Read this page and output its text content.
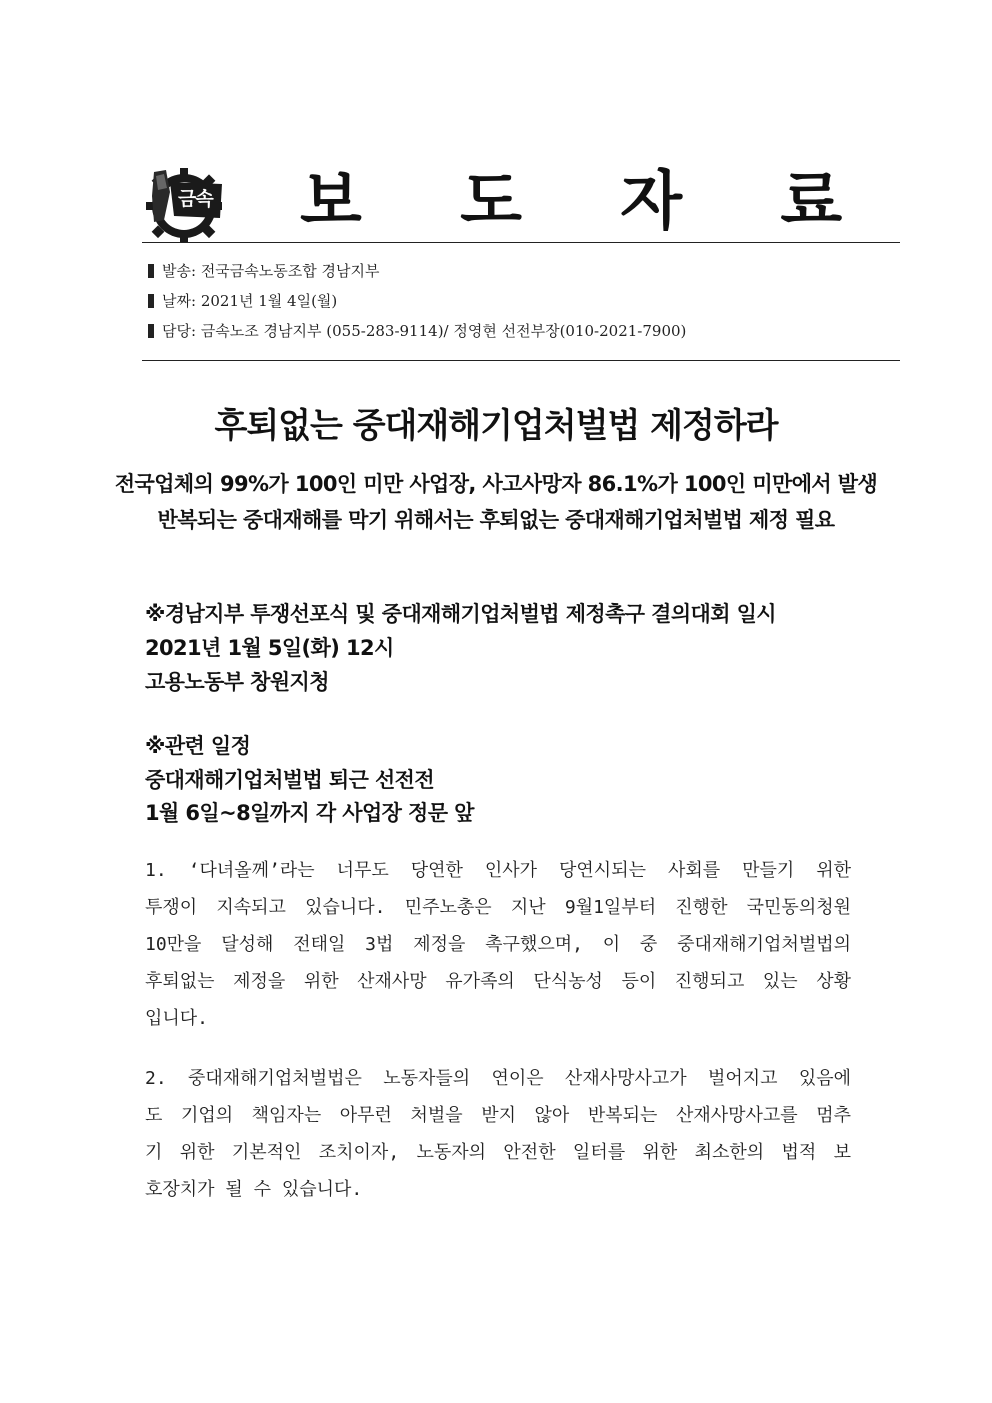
금속 보 도 자 료
발송: 전국금속노동조합 경남지부
날짜: 2021년 1월 4일(월)
담당: 금속노조 경남지부 (055-283-9114)/ 정영현 선전부장(010-2021-7900)
후퇴없는 중대재해기업처벌법 제정하라
전국업체의 99%가 100인 미만 사업장, 사고사망자 86.1%가 100인 미만에서 발생
반복되는 중대재해를 막기 위해서는 후퇴없는 중대재해기업처벌법 제정 필요
※경남지부 투쟁선포식 및 중대재해기업처벌법 제정촉구 결의대회 일시
2021년 1월 5일(화) 12시
고용노동부 창원지청
※관련 일정
중대재해기업처벌법 퇴근 선전전
1월 6일~8일까지 각 사업장 정문 앞
1. ‘다녀올께’라는 너무도 당연한 인사가 당연시되는 사회를 만들기 위한
투쟁이 지속되고 있습니다. 민주노총은 지난 9월1일부터 진행한 국민동의청원
10만을 달성해 전태일 3법 제정을 촉구했으며, 이 중 중대재해기업처벌법의
후퇴없는 제정을 위한 산재사망 유가족의 단식농성 등이 진행되고 있는 상황
입니다.
2. 중대재해기업처벌법은 노동자들의 연이은 산재사망사고가 벌어지고 있음에
도 기업의 책임자는 아무런 처벌을 받지 않아 반복되는 산재사망사고를 멈추
기 위한 기본적인 조치이자, 노동자의 안전한 일터를 위한 최소한의 법적 보
호장치가 될 수 있습니다.
